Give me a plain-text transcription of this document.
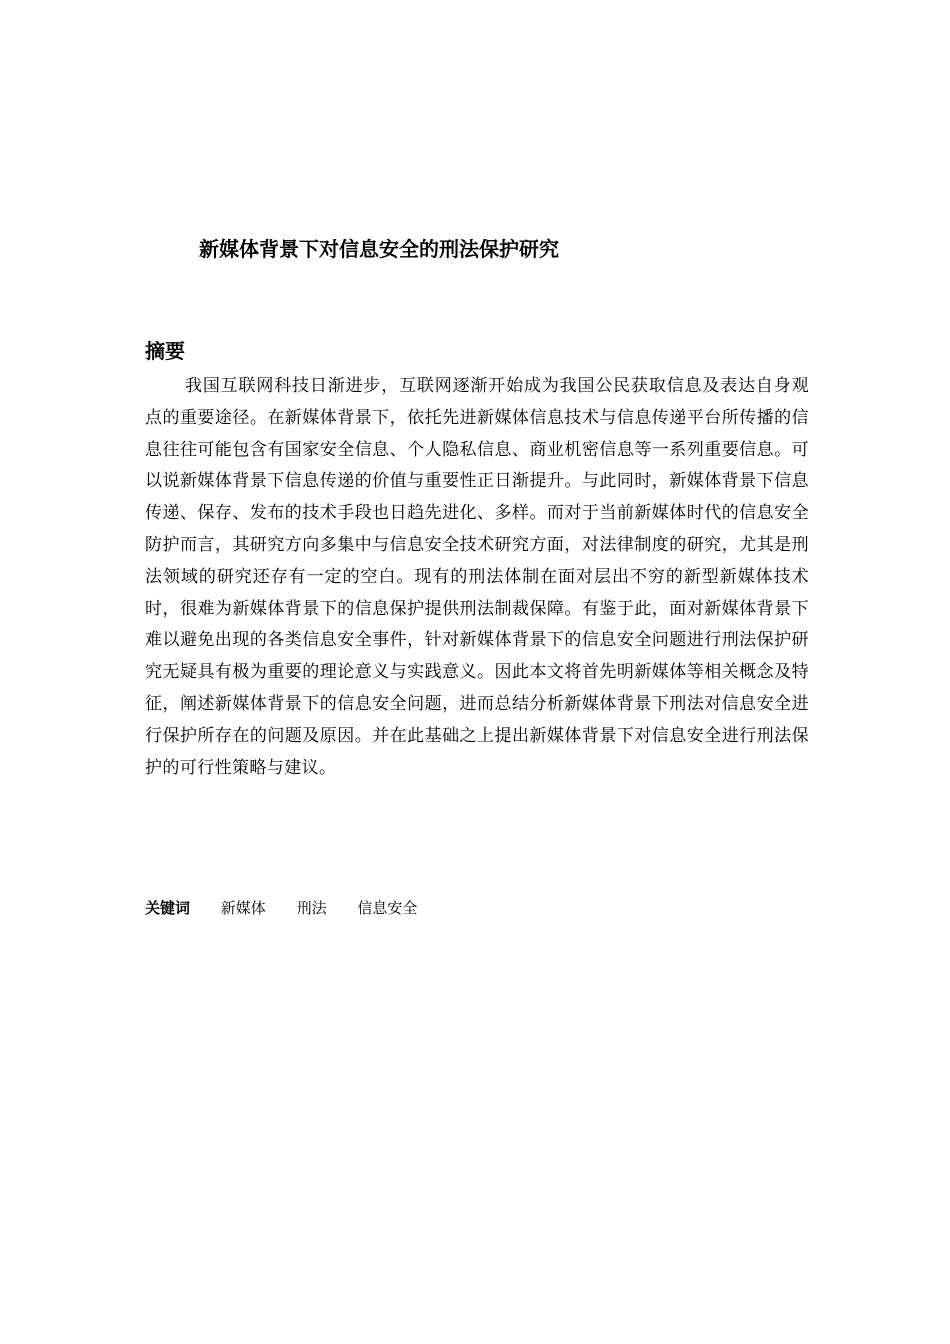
新媒体背景下对信息安全的刑法保护研究
摘要

我国互联网科技日渐进步，互联网逐渐开始成为我国公民获取信息及表达自身观点的重要途径。在新媒体背景下，依托先进新媒体信息技术与信息传递平台所传播的信息往往可能包含有国家安全信息、个人隐私信息、商业机密信息等一系列重要信息。可以说新媒体背景下信息传递的价值与重要性正日渐提升。与此同时，新媒体背景下信息传递、保存、发布的技术手段也日趋先进化、多样。而对于当前新媒体时代的信息安全防护而言，其研究方向多集中与信息安全技术研究方面，对法律制度的研究，尤其是刑法领域的研究还存有一定的空白。现有的刑法体制在面对层出不穷的新型新媒体技术时，很难为新媒体背景下的信息保护提供刑法制裁保障。有鉴于此，面对新媒体背景下难以避免出现的各类信息安全事件，针对新媒体背景下的信息安全问题进行刑法保护研究无疑具有极为重要的理论意义与实践意义。因此本文将首先明新媒体等相关概念及特征，阐述新媒体背景下的信息安全问题，进而总结分析新媒体背景下刑法对信息安全进行保护所存在的问题及原因。并在此基础之上提出新媒体背景下对信息安全进行刑法保护的可行性策略与建议。

关键词 新媒体 刑法 信息安全
